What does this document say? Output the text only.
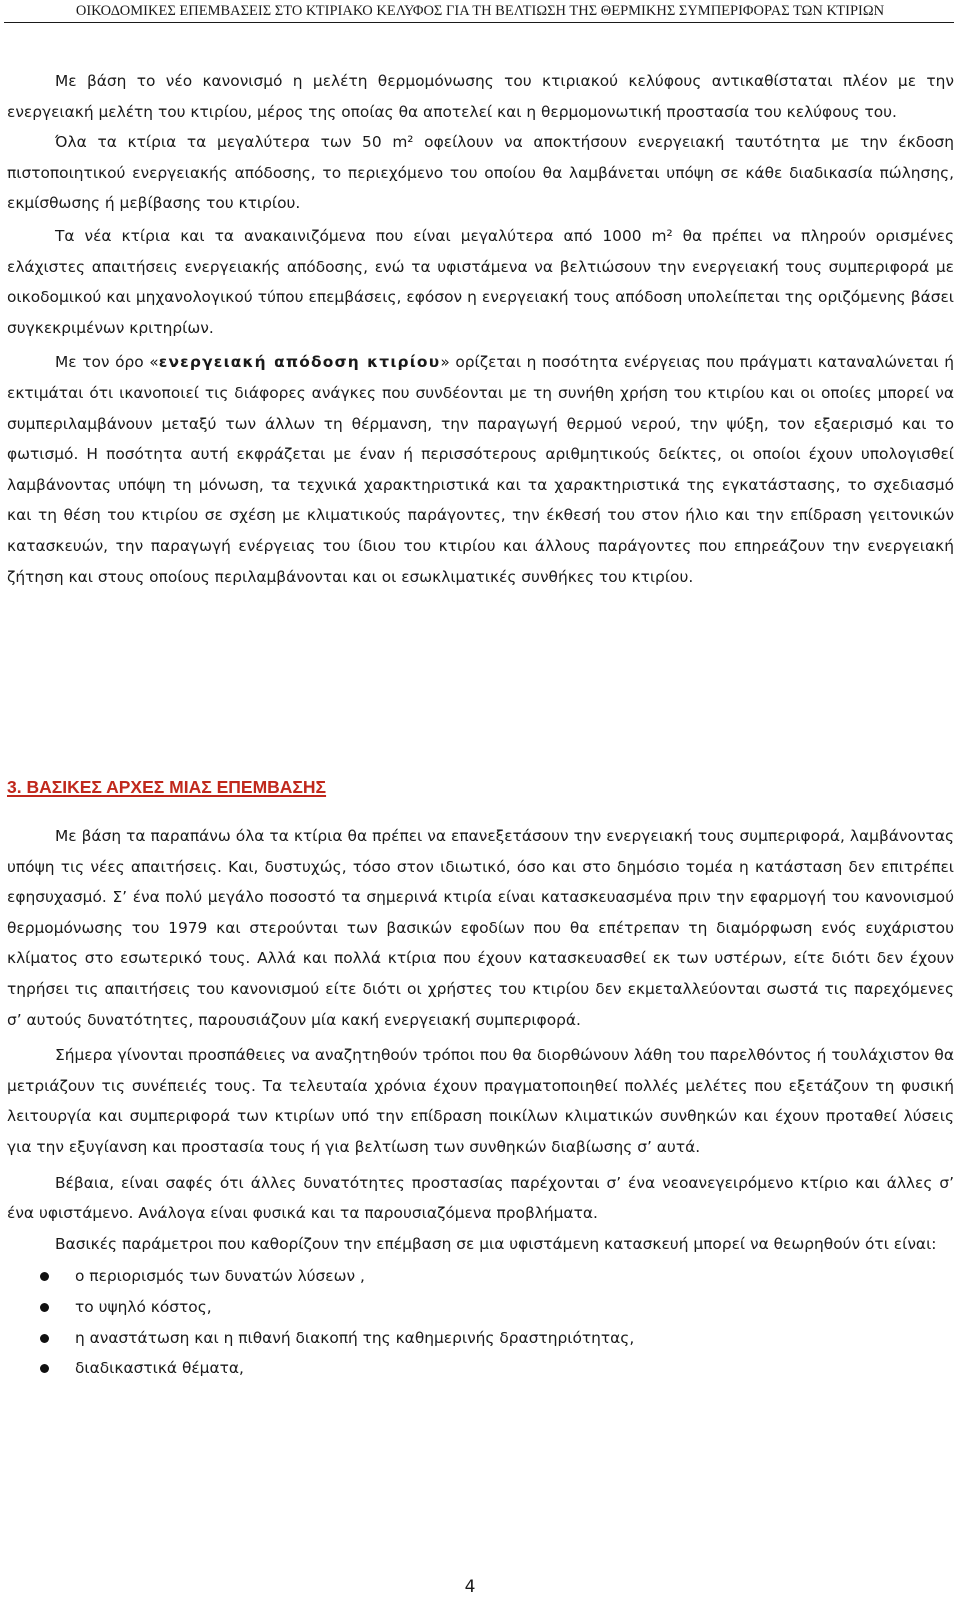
ΟΙΚΟΔΟΜΙΚΕΣ ΕΠΕΜΒΑΣΕΙΣ ΣΤΟ ΚΤΙΡΙΑΚΟ ΚΕΛΥΦΟΣ ΓΙΑ ΤΗ ΒΕΛΤΙΩΣΗ ΤΗΣ ΘΕΡΜΙΚΗΣ ΣΥΜΠΕΡΙΦΟΡΑΣ ΤΩΝ ΚΤΙΡΙΩΝ

Με βάση το νέο κανονισμό η μελέτη θερμομόνωσης του κτιριακού κελύφους αντικαθίσταται πλέον με την ενεργειακή μελέτη του κτιρίου, μέρος της οποίας θα αποτελεί και η θερμομονωτική προστασία του κελύφους του.

Όλα τα κτίρια τα μεγαλύτερα των 50 m² οφείλουν να αποκτήσουν ενεργειακή ταυτότητα με την έκδοση πιστοποιητικού ενεργειακής απόδοσης, το περιεχόμενο του οποίου θα λαμβάνεται υπόψη σε κάθε διαδικασία πώλησης, εκμίσθωσης ή μεβίβασης του κτιρίου.

Τα νέα κτίρια και τα ανακαινιζόμενα που είναι μεγαλύτερα από 1000 m² θα πρέπει να πληρούν ορισμένες ελάχιστες απαιτήσεις ενεργειακής απόδοσης, ενώ τα υφιστάμενα να βελτιώσουν την ενεργειακή τους συμπεριφορά με οικοδομικού και μηχανολογικού τύπου επεμβάσεις, εφόσον η ενεργειακή τους απόδοση υπολείπεται της οριζόμενης βάσει συγκεκριμένων κριτηρίων.

Με τον όρο «ενεργειακή απόδοση κτιρίου» ορίζεται η ποσότητα ενέργειας που πράγματι καταναλώνεται ή εκτιμάται ότι ικανοποιεί τις διάφορες ανάγκες που συνδέονται με τη συνήθη χρήση του κτιρίου και οι οποίες μπορεί να συμπεριλαμβάνουν μεταξύ των άλλων τη θέρμανση, την παραγωγή θερμού νερού, την ψύξη, τον εξαερισμό και το φωτισμό. Η ποσότητα αυτή εκφράζεται με έναν ή περισσότερους αριθμητικούς δείκτες, οι οποίοι έχουν υπολογισθεί λαμβάνοντας υπόψη τη μόνωση, τα τεχνικά χαρακτηριστικά και τα χαρακτηριστικά της εγκατάστασης, το σχεδιασμό και τη θέση του κτιρίου σε σχέση με κλιματικούς παράγοντες, την έκθεσή του στον ήλιο και την επίδραση γειτονικών κατασκευών, την παραγωγή ενέργειας του ίδιου του κτιρίου και άλλους παράγοντες που επηρεάζουν την ενεργειακή ζήτηση και στους οποίους περιλαμβάνονται και οι εσωκλιματικές συνθήκες του κτιρίου.

3. ΒΑΣΙΚΕΣ ΑΡΧΕΣ ΜΙΑΣ ΕΠΕΜΒΑΣΗΣ

Με βάση τα παραπάνω όλα τα κτίρια θα πρέπει να επανεξετάσουν την ενεργειακή τους συμπεριφορά, λαμβάνοντας υπόψη τις νέες απαιτήσεις. Και, δυστυχώς, τόσο στον ιδιωτικό, όσο και στο δημόσιο τομέα η κατάσταση δεν επιτρέπει εφησυχασμό. Σ’ ένα πολύ μεγάλο ποσοστό τα σημερινά κτιρία είναι κατασκευασμένα πριν την εφαρμογή του κανονισμού θερμομόνωσης του 1979 και στερούνται των βασικών εφοδίων που θα επέτρεπαν τη διαμόρφωση ενός ευχάριστου κλίματος στο εσωτερικό τους. Αλλά και πολλά κτίρια που έχουν κατασκευασθεί εκ των υστέρων, είτε διότι δεν έχουν τηρήσει τις απαιτήσεις του κανονισμού είτε διότι οι χρήστες του κτιρίου δεν εκμεταλλεύονται σωστά τις παρεχόμενες σ’ αυτούς δυνατότητες, παρουσιάζουν μία κακή ενεργειακή συμπεριφορά.

Σήμερα γίνονται προσπάθειες να αναζητηθούν τρόποι που θα διορθώνουν λάθη του παρελθόντος ή τουλάχιστον θα μετριάζουν τις συνέπειές τους. Τα τελευταία χρόνια έχουν πραγματοποιηθεί πολλές μελέτες που εξετάζουν τη φυσική λειτουργία και συμπεριφορά των κτιρίων υπό την επίδραση ποικίλων κλιματικών συνθηκών και έχουν προταθεί λύσεις για την εξυγίανση και προστασία τους ή για βελτίωση των συνθηκών διαβίωσης σ’ αυτά.

Βέβαια, είναι σαφές ότι άλλες δυνατότητες προστασίας παρέχονται σ’ ένα νεοανεγειρόμενο κτίριο και άλλες σ’ ένα υφιστάμενο. Ανάλογα είναι φυσικά και τα παρουσιαζόμενα προβλήματα.

Βασικές παράμετροι που καθορίζουν την επέμβαση σε μια υφιστάμενη κατασκευή μπορεί να θεωρηθούν ότι είναι:

ο περιορισμός των δυνατών λύσεων ,
το υψηλό κόστος,
η αναστάτωση και η πιθανή διακοπή της καθημερινής δραστηριότητας,
διαδικαστικά θέματα,
4
